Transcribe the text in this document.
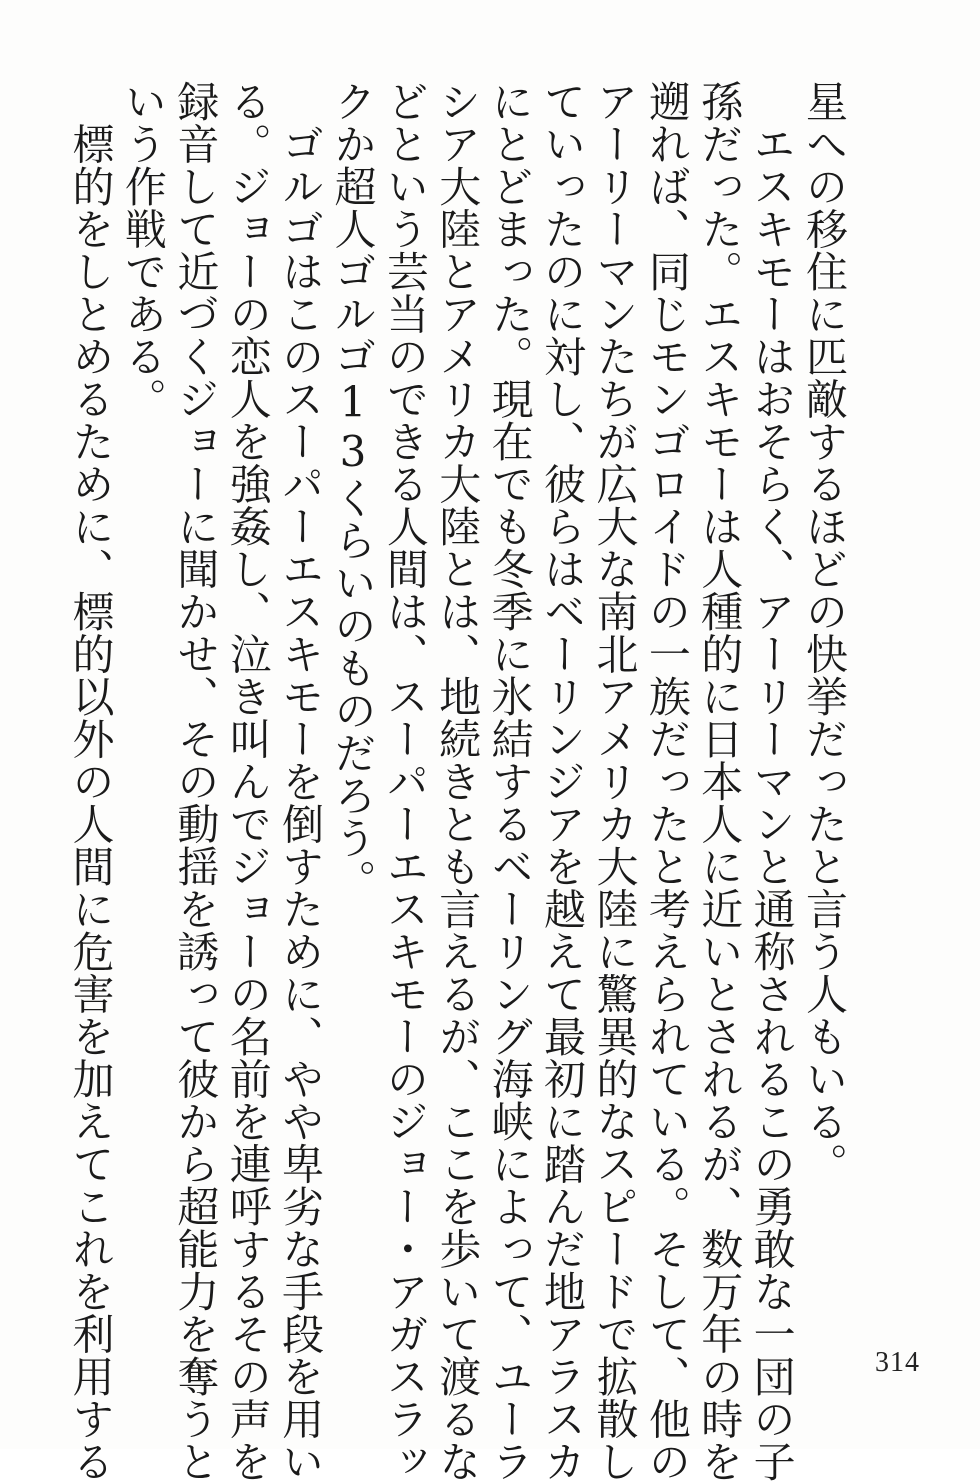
星への移住に匹敵するほどの快挙だったと言う人もいる。
　エスキモーはおそらく、アーリーマンと通称されるこの勇敢な一団の子
孫だった。エスキモーは人種的に日本人に近いとされるが、数万年の時を
遡れば、同じモンゴロイドの一族だったと考えられている。そして、他の
アーリーマンたちが広大な南北アメリカ大陸に驚異的なスピードで拡散し
ていったのに対し、彼らはベーリンジアを越えて最初に踏んだ地アラスカ
にとどまった。現在でも冬季に氷結するベーリング海峡によって、ユーラ
シア大陸とアメリカ大陸とは、地続きとも言えるが、ここを歩いて渡るな
どという芸当のできる人間は、スーパーエスキモーのジョー・アガスラッ
クか超人ゴルゴ13くらいのものだろう。
　ゴルゴはこのスーパーエスキモーを倒すために、やや卑劣な手段を用い
る。ジョーの恋人を強姦し、泣き叫んでジョーの名前を連呼するその声を
録音して近づくジョーに聞かせ、その動揺を誘って彼から超能力を奪うと
いう作戦である。
　標的をしとめるために、標的以外の人間に危害を加えてこれを利用する	314
